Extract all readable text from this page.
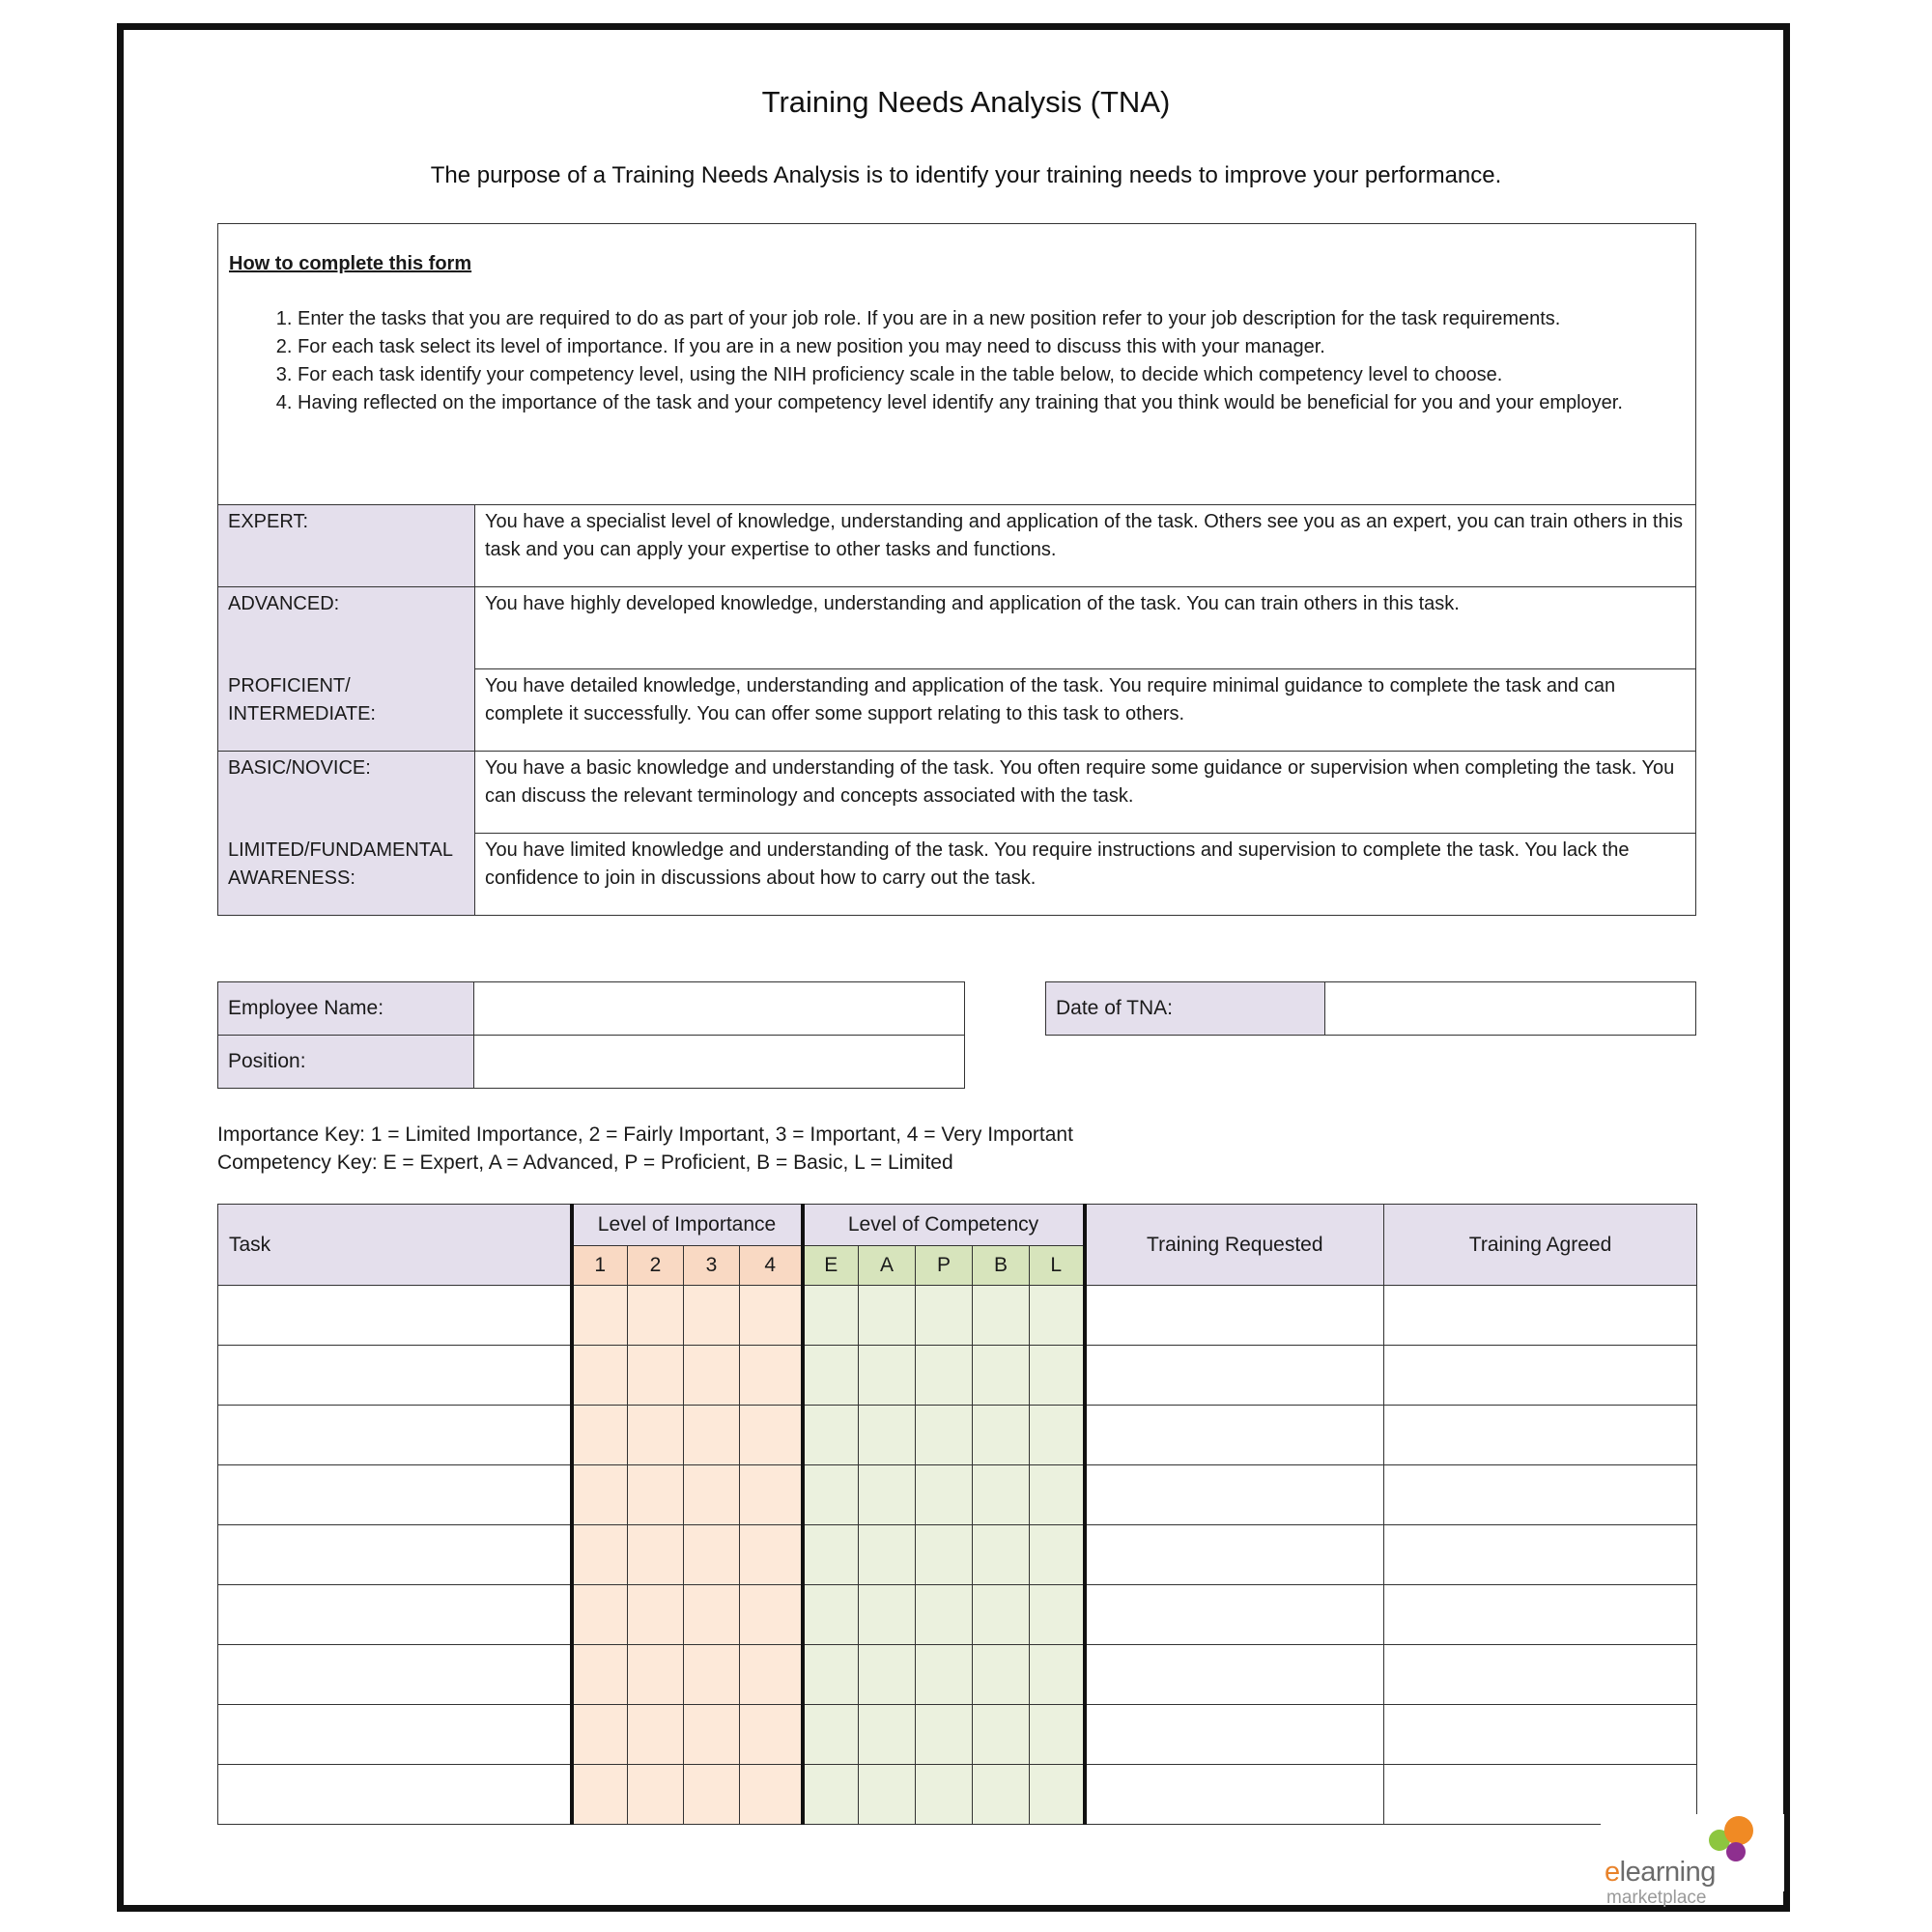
Training Needs Analysis (TNA)
The purpose of a Training Needs Analysis is to identify your training needs to improve your performance.
How to complete this form
1. Enter the tasks that you are required to do as part of your job role. If you are in a new position refer to your job description for the task requirements.
2. For each task select its level of importance. If you are in a new position you may need to discuss this with your manager.
3. For each task identify your competency level, using the NIH proficiency scale in the table below, to decide which competency level to choose.
4. Having reflected on the importance of the task and your competency level identify any training that you think would be beneficial for you and your employer.
EXPERT:	You have a specialist level of knowledge, understanding and application of the task. Others see you as an expert, you can train others in this task and you can apply your expertise to other tasks and functions.
ADVANCED:	You have highly developed knowledge, understanding and application of the task. You can train others in this task.
PROFICIENT/ INTERMEDIATE:	You have detailed knowledge, understanding and application of the task. You require minimal guidance to complete the task and can complete it successfully. You can offer some support relating to this task to others.
BASIC/NOVICE:	You have a basic knowledge and understanding of the task. You often require some guidance or supervision when completing the task. You can discuss the relevant terminology and concepts associated with the task.
LIMITED/FUNDAMENTAL AWARENESS:	You have limited knowledge and understanding of the task. You require instructions and supervision to complete the task. You lack the confidence to join in discussions about how to carry out the task.
Employee Name:	
Position:	
Date of TNA:	
Importance Key: 1 = Limited Importance, 2 = Fairly Important, 3 = Important, 4 = Very Important
Competency Key: E = Expert, A = Advanced, P = Proficient, B = Basic, L = Limited
Task	Level of Importance				Level of Competency					Training Requested	Training Agreed
	1	2	3	4	E	A	P	B	L		

elearning
marketplace
